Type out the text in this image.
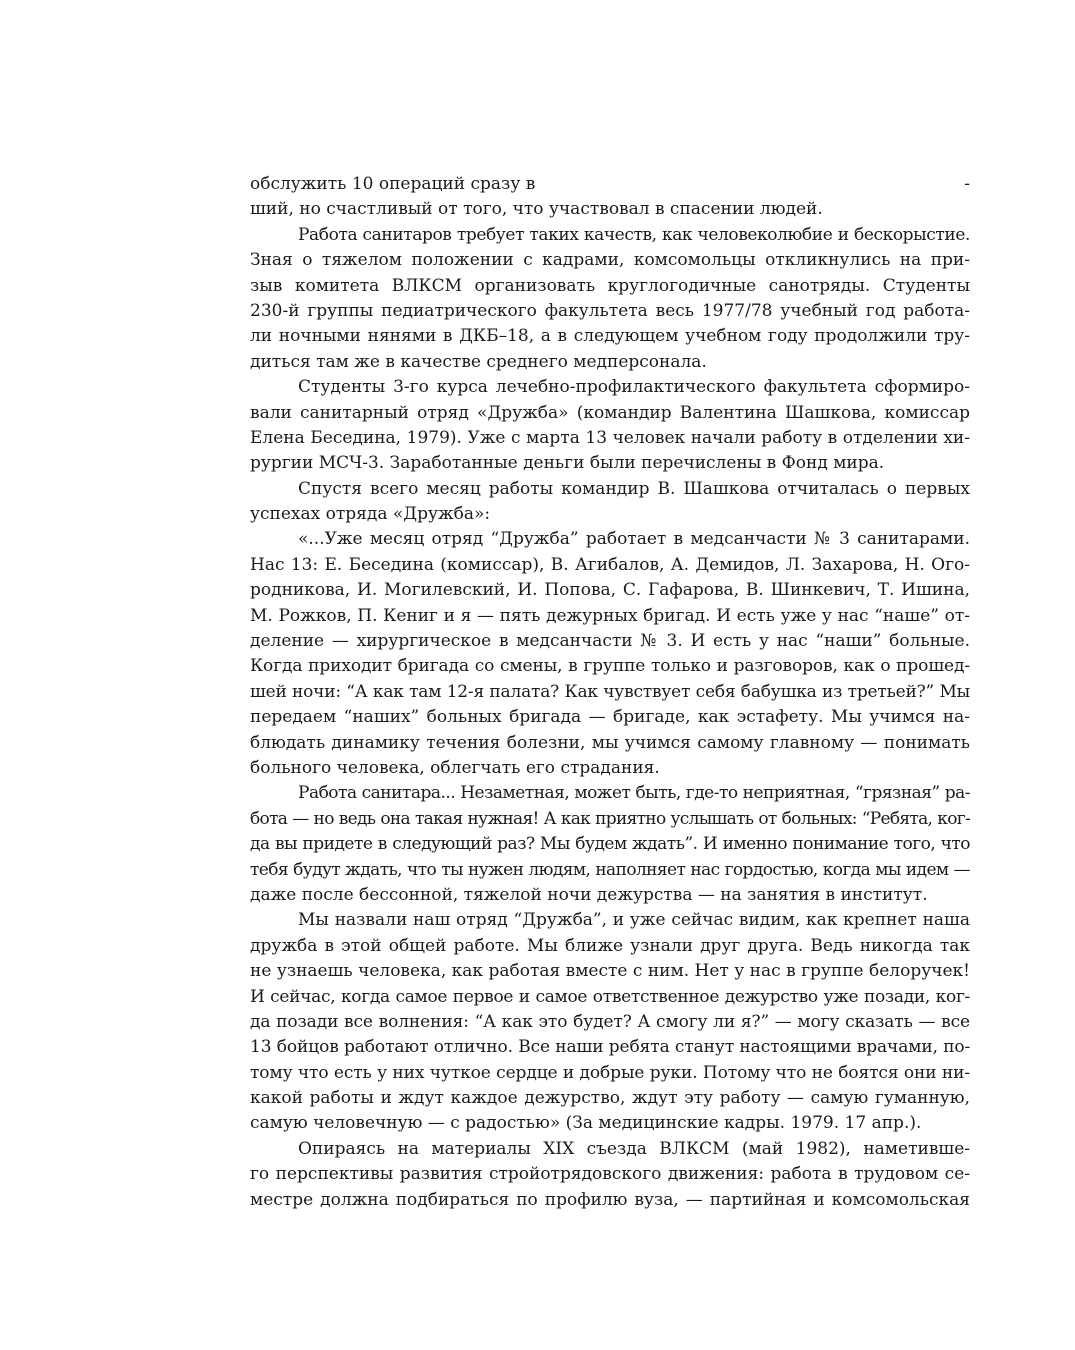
обслужить 10 операций сразу в	-
ший, но счастливый от того, что участвовал в спасении людей.
Работа санитаров требует таких качеств, как человеколюбие и бескорыстие.
Зная о тяжелом положении с кадрами, комсомольцы откликнулись на при-
зыв комитета ВЛКСМ организовать круглогодичные санотряды. Студенты
230-й группы педиатрического факультета весь 1977/78 учебный год работа-
ли ночными нянями в ДКБ–18, а в следующем учебном году продолжили тру-
диться там же в качестве среднего медперсонала.
Студенты 3-го курса лечебно-профилактического факультета сформиро-
вали санитарный отряд «Дружба» (командир Валентина Шашкова, комиссар
Елена Беседина, 1979). Уже с марта 13 человек начали работу в отделении хи-
рургии МСЧ-3. Заработанные деньги были перечислены в Фонд мира.
Спустя всего месяц работы командир В. Шашкова отчиталась о первых
успехах отряда «Дружба»:
«...Уже месяц отряд “Дружба” работает в медсанчасти № 3 санитарами.
Нас 13: Е. Беседина (комиссар), В. Агибалов, А. Демидов, Л. Захарова, Н. Ого-
родникова, И. Могилевский, И. Попова, С. Гафарова, В. Шинкевич, Т. Ишина,
М. Рожков, П. Кениг и я — пять дежурных бригад. И есть уже у нас “наше” от-
деление — хирургическое в медсанчасти № 3. И есть у нас “наши” больные.
Когда приходит бригада со смены, в группе только и разговоров, как о прошед-
шей ночи: “А как там 12-я палата? Как чувствует себя бабушка из третьей?” Мы
передаем “наших” больных бригада — бригаде, как эстафету. Мы учимся на-
блюдать динамику течения болезни, мы учимся самому главному — понимать
больного человека, облегчать его страдания.
Работа санитара... Незаметная, может быть, где-то неприятная, “грязная” ра-
бота — но ведь она такая нужная! А как приятно услышать от больных: “Ребята, ког-
да вы придете в следующий раз? Мы будем ждать”. И именно понимание того, что
тебя будут ждать, что ты нужен людям, наполняет нас гордостью, когда мы идем —
даже после бессонной, тяжелой ночи дежурства — на занятия в институт.
Мы назвали наш отряд “Дружба”, и уже сейчас видим, как крепнет наша
дружба в этой общей работе. Мы ближе узнали друг друга. Ведь никогда так
не узнаешь человека, как работая вместе с ним. Нет у нас в группе белоручек!
И сейчас, когда самое первое и самое ответственное дежурство уже позади, ког-
да позади все волнения: “А как это будет? А смогу ли я?” — могу сказать — все
13 бойцов работают отлично. Все наши ребята станут настоящими врачами, по-
тому что есть у них чуткое сердце и добрые руки. Потому что не боятся они ни-
какой работы и ждут каждое дежурство, ждут эту работу — самую гуманную,
самую человечную — с радостью» (За медицинские кадры. 1979. 17 апр.).
Опираясь на материалы XIX съезда ВЛКСМ (май 1982), наметивше-
го перспективы развития стройотрядовского движения: работа в трудовом се-
местре должна подбираться по профилю вуза, — партийная и комсомольская
